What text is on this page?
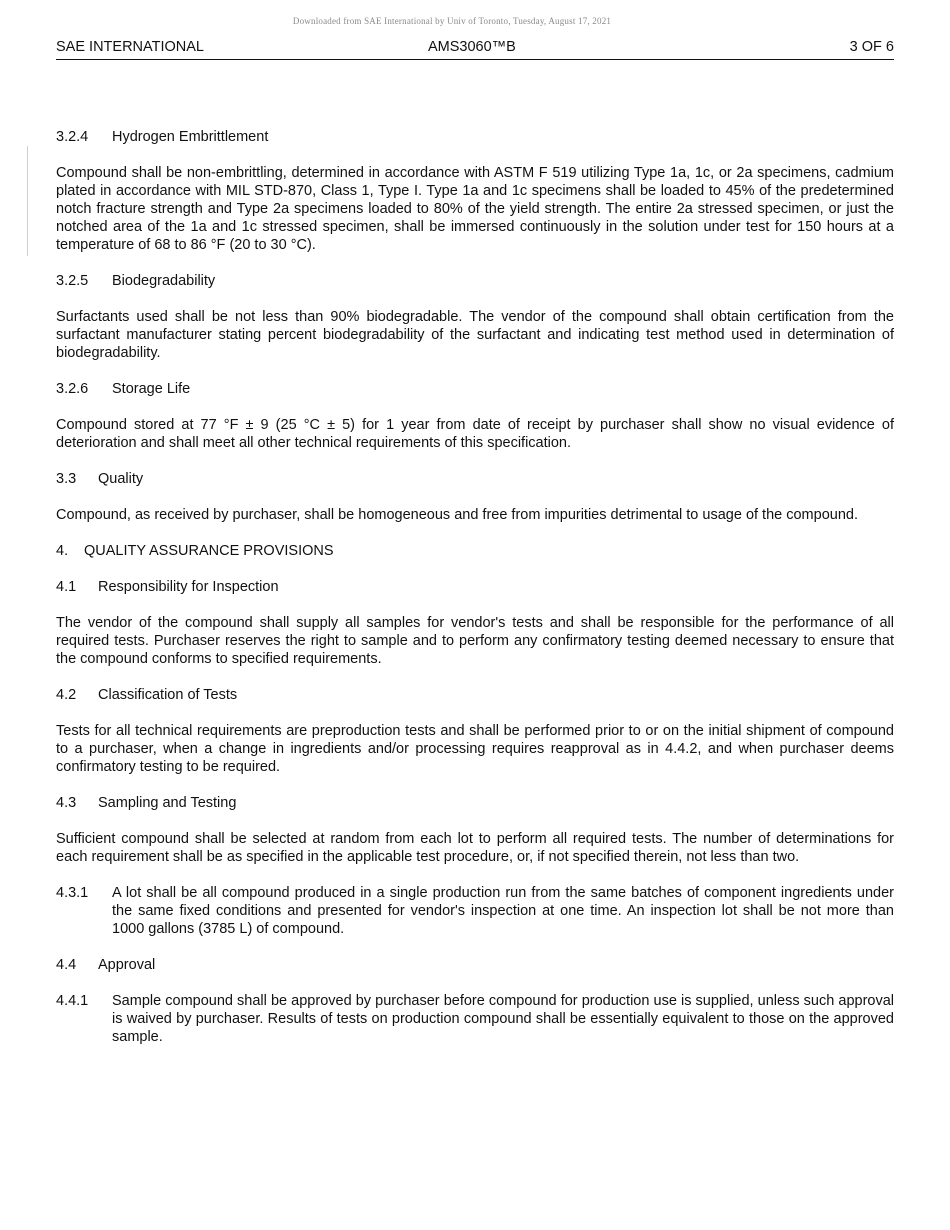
Downloaded from SAE International by Univ of Toronto, Tuesday, August 17, 2021
SAE INTERNATIONAL	AMS3060™B	3 OF 6
3.2.4 Hydrogen Embrittlement

Compound shall be non-embrittling, determined in accordance with ASTM F 519 utilizing Type 1a, 1c, or 2a specimens, cadmium plated in accordance with MIL STD-870, Class 1, Type I. Type 1a and 1c specimens shall be loaded to 45% of the predetermined notch fracture strength and Type 2a specimens loaded to 80% of the yield strength. The entire 2a stressed specimen, or just the notched area of the 1a and 1c stressed specimen, shall be immersed continuously in the solution under test for 150 hours at a temperature of 68 to 86 °F (20 to 30 °C).

3.2.5 Biodegradability

Surfactants used shall be not less than 90% biodegradable. The vendor of the compound shall obtain certification from the surfactant manufacturer stating percent biodegradability of the surfactant and indicating test method used in determination of biodegradability.

3.2.6 Storage Life

Compound stored at 77 °F ± 9 (25 °C ± 5) for 1 year from date of receipt by purchaser shall show no visual evidence of deterioration and shall meet all other technical requirements of this specification.

3.3 Quality

Compound, as received by purchaser, shall be homogeneous and free from impurities detrimental to usage of the compound.

4. QUALITY ASSURANCE PROVISIONS
4.1 Responsibility for Inspection

The vendor of the compound shall supply all samples for vendor's tests and shall be responsible for the performance of all required tests. Purchaser reserves the right to sample and to perform any confirmatory testing deemed necessary to ensure that the compound conforms to specified requirements.

4.2 Classification of Tests

Tests for all technical requirements are preproduction tests and shall be performed prior to or on the initial shipment of compound to a purchaser, when a change in ingredients and/or processing requires reapproval as in 4.4.2, and when purchaser deems confirmatory testing to be required.

4.3 Sampling and Testing

Sufficient compound shall be selected at random from each lot to perform all required tests. The number of determinations for each requirement shall be as specified in the applicable test procedure, or, if not specified therein, not less than two.

4.3.1	A lot shall be all compound produced in a single production run from the same batches of component ingredients under the same fixed conditions and presented for vendor's inspection at one time. An inspection lot shall be not more than 1000 gallons (3785 L) of compound.
4.4 Approval
4.4.1	Sample compound shall be approved by purchaser before compound for production use is supplied, unless such approval is waived by purchaser. Results of tests on production compound shall be essentially equivalent to those on the approved sample.
